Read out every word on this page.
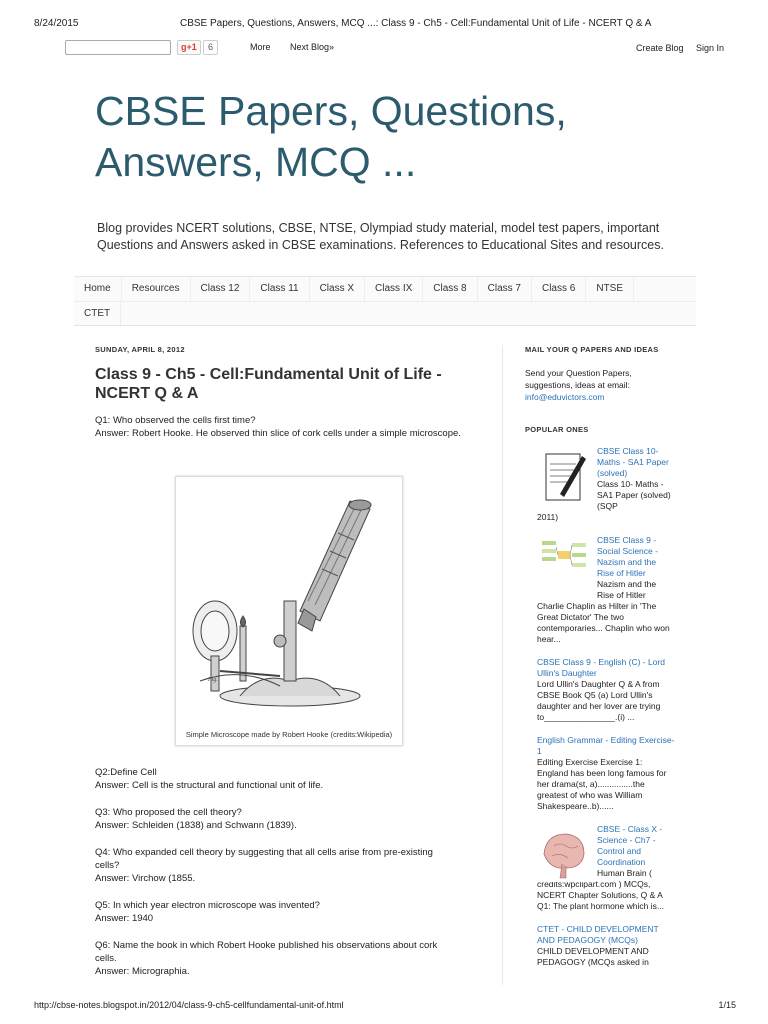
8/24/2015	CBSE Papers, Questions, Answers, MCQ ...: Class 9 - Ch5 - Cell:Fundamental Unit of Life - NCERT Q & A
g+1	6	More Next Blog»	Create Blog Sign In
CBSE Papers, Questions, Answers, MCQ ...

Blog provides NCERT solutions, CBSE, NTSE, Olympiad study material, model test papers, important Questions and Answers asked in CBSE examinations. References to Educational Sites and resources.

Home	Resources	Class 12	Class 11	Class X	Class IX	Class 8	Class 7	Class 6	NTSE
CTET
SUNDAY, APRIL 8, 2012
Class 9 - Ch5 - Cell:Fundamental Unit of Life - NCERT Q & A
Q1: Who observed the cells first time?
Answer: Robert Hooke. He observed thin slice of cork cells under a simple microscope.
Fig.
Simple Microscope made by Robert Hooke (credits:Wikipedia)
Q2:Define Cell
Answer: Cell is the structural and functional unit of life.
Q3: Who proposed the cell theory?
Answer: Schleiden (1838) and Schwann (1839).
Q4: Who expanded cell theory by suggesting that all cells arise from pre-existing cells?
Answer: Virchow (1855.
Q5: In which year electron microscope was invented?
Answer: 1940
Q6: Name the book in which Robert Hooke published his observations about cork cells.
Answer: Micrographia.
MAIL YOUR Q PAPERS AND IDEAS
Send your Question Papers, suggestions, ideas at email:
info@eduvictors.com
POPULAR ONES
CBSE Class 10- Maths - SA1 Paper (solved)
Class 10- Maths - SA1 Paper (solved) (SQP
2011)
CBSE Class 9 - Social Science - Nazism and the Rise of Hitler
Nazism and the Rise of Hitler
Charlie Chaplin as Hilter in 'The Great Dictator' The two contemporaries... Chaplin who won hear...
CBSE Class 9 - English (C) - Lord Ullin's Daughter
Lord Ullin's Daughter Q & A from CBSE Book Q5 (a) Lord Ullin's daughter and her lover are trying to_______________.(i) ...
English Grammar - Editing Exercise-1
Editing Exercise Exercise 1: England has been long famous for her drama(st, a)...............the greatest of who was William Shakespeare..b)......
CBSE - Class X - Science - Ch7 - Control and Coordination
Human Brain (
credits:wpclipart.com ) MCQs, NCERT Chapter Solutions, Q & A Q1: The plant hormone which is...
CTET - CHILD DEVELOPMENT AND PEDAGOGY (MCQs)
CHILD DEVELOPMENT AND PEDAGOGY (MCQs asked in
http://cbse-notes.blogspot.in/2012/04/class-9-ch5-cellfundamental-unit-of.html	1/15
